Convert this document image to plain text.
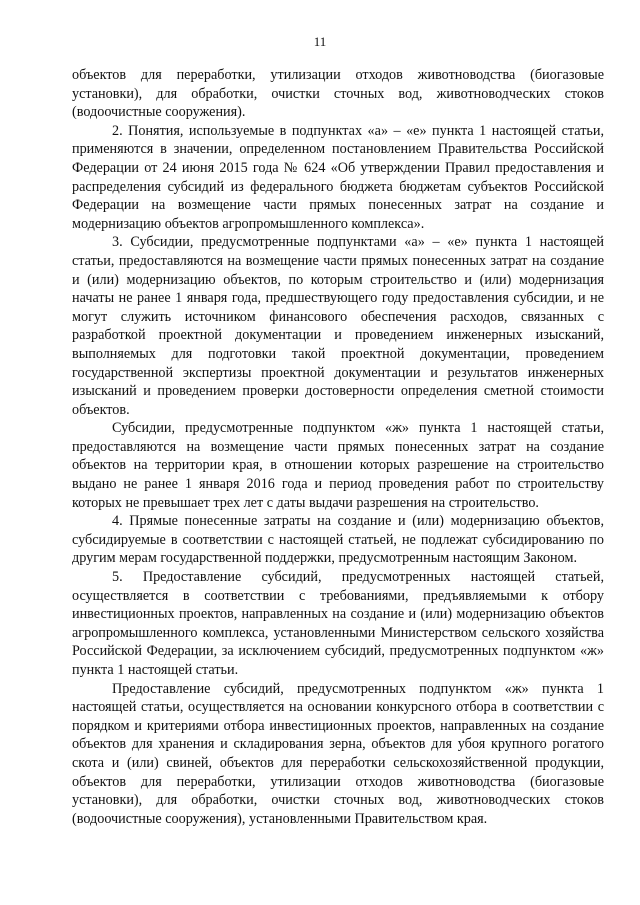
11

объектов для переработки, утилизации отходов животноводства (биогазовые установки), для обработки, очистки сточных вод, животноводческих стоков (водоочистные сооружения).

2. Понятия, используемые в подпунктах «а» – «е» пункта 1 настоящей статьи, применяются в значении, определенном постановлением Правительства Российской Федерации от 24 июня 2015 года № 624 «Об утверждении Правил предоставления и распределения субсидий из федерального бюджета бюджетам субъектов Российской Федерации на возмещение части прямых понесенных затрат на создание и модернизацию объектов агропромышленного комплекса».

3. Субсидии, предусмотренные подпунктами «а» – «е» пункта 1 настоящей статьи, предоставляются на возмещение части прямых понесенных затрат на создание и (или) модернизацию объектов, по которым строительство и (или) модернизация начаты не ранее 1 января года, предшествующего году предоставления субсидии, и не могут служить источником финансового обеспечения расходов, связанных с разработкой проектной документации и проведением инженерных изысканий, выполняемых для подготовки такой проектной документации, проведением государственной экспертизы проектной документации и результатов инженерных изысканий и проведением проверки достоверности определения сметной стоимости объектов.

Субсидии, предусмотренные подпунктом «ж» пункта 1 настоящей статьи, предоставляются на возмещение части прямых понесенных затрат на создание объектов на территории края, в отношении которых разрешение на строительство выдано не ранее 1 января 2016 года и период проведения работ по строительству которых не превышает трех лет с даты выдачи разрешения на строительство.

4. Прямые понесенные затраты на создание и (или) модернизацию объектов, субсидируемые в соответствии с настоящей статьей, не подлежат субсидированию по другим мерам государственной поддержки, предусмотренным настоящим Законом.

5. Предоставление субсидий, предусмотренных настоящей статьей, осуществляется в соответствии с требованиями, предъявляемыми к отбору инвестиционных проектов, направленных на создание и (или) модернизацию объектов агропромышленного комплекса, установленными Министерством сельского хозяйства Российской Федерации, за исключением субсидий, предусмотренных подпунктом «ж» пункта 1 настоящей статьи.

Предоставление субсидий, предусмотренных подпунктом «ж» пункта 1 настоящей статьи, осуществляется на основании конкурсного отбора в соответствии с порядком и критериями отбора инвестиционных проектов, направленных на создание объектов для хранения и складирования зерна, объектов для убоя крупного рогатого скота и (или) свиней, объектов для переработки сельскохозяйственной продукции, объектов для переработки, утилизации отходов животноводства (биогазовые установки), для обработки, очистки сточных вод, животноводческих стоков (водоочистные сооружения), установленными Правительством края.
